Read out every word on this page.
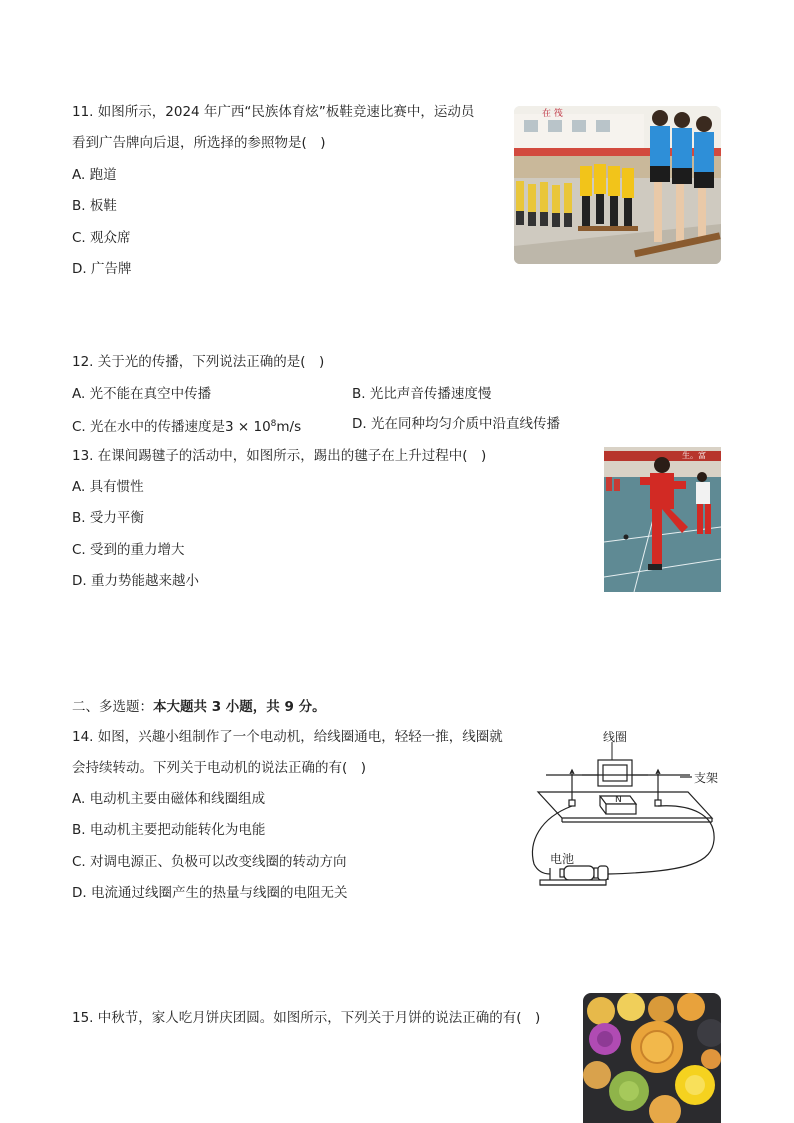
11. 如图所示，2024 年广西“民族体育炫”板鞋竞速比赛中，运动员
看到广告牌向后退，所选择的参照物是(　)
A. 跑道
B. 板鞋
C. 观众席
D. 广告牌
在 筏
12. 关于光的传播，下列说法正确的是(　)
A. 光不能在真空中传播	B. 光比声音传播速度慢
C. 光在水中的传播速度是$3 \times 10^8m/s$	D. 光在同种均匀介质中沿直线传播
13. 在课间踢毽子的活动中，如图所示，踢出的毽子在上升过程中(　)
A. 具有惯性
B. 受力平衡
C. 受到的重力增大
D. 重力势能越来越小
生。富
二、多选题：本大题共 3 小题，共 9 分。
14. 如图，兴趣小组制作了一个电动机，给线圈通电，轻轻一推，线圈就
会持续转动。下列关于电动机的说法正确的有(　)
A. 电动机主要由磁体和线圈组成
B. 电动机主要把动能转化为电能
C. 对调电源正、负极可以改变线圈的转动方向
D. 电流通过线圈产生的热量与线圈的电阻无关
线圈
支架
电池
N
15. 中秋节，家人吃月饼庆团圆。如图所示，下列关于月饼的说法正确的有(　)
